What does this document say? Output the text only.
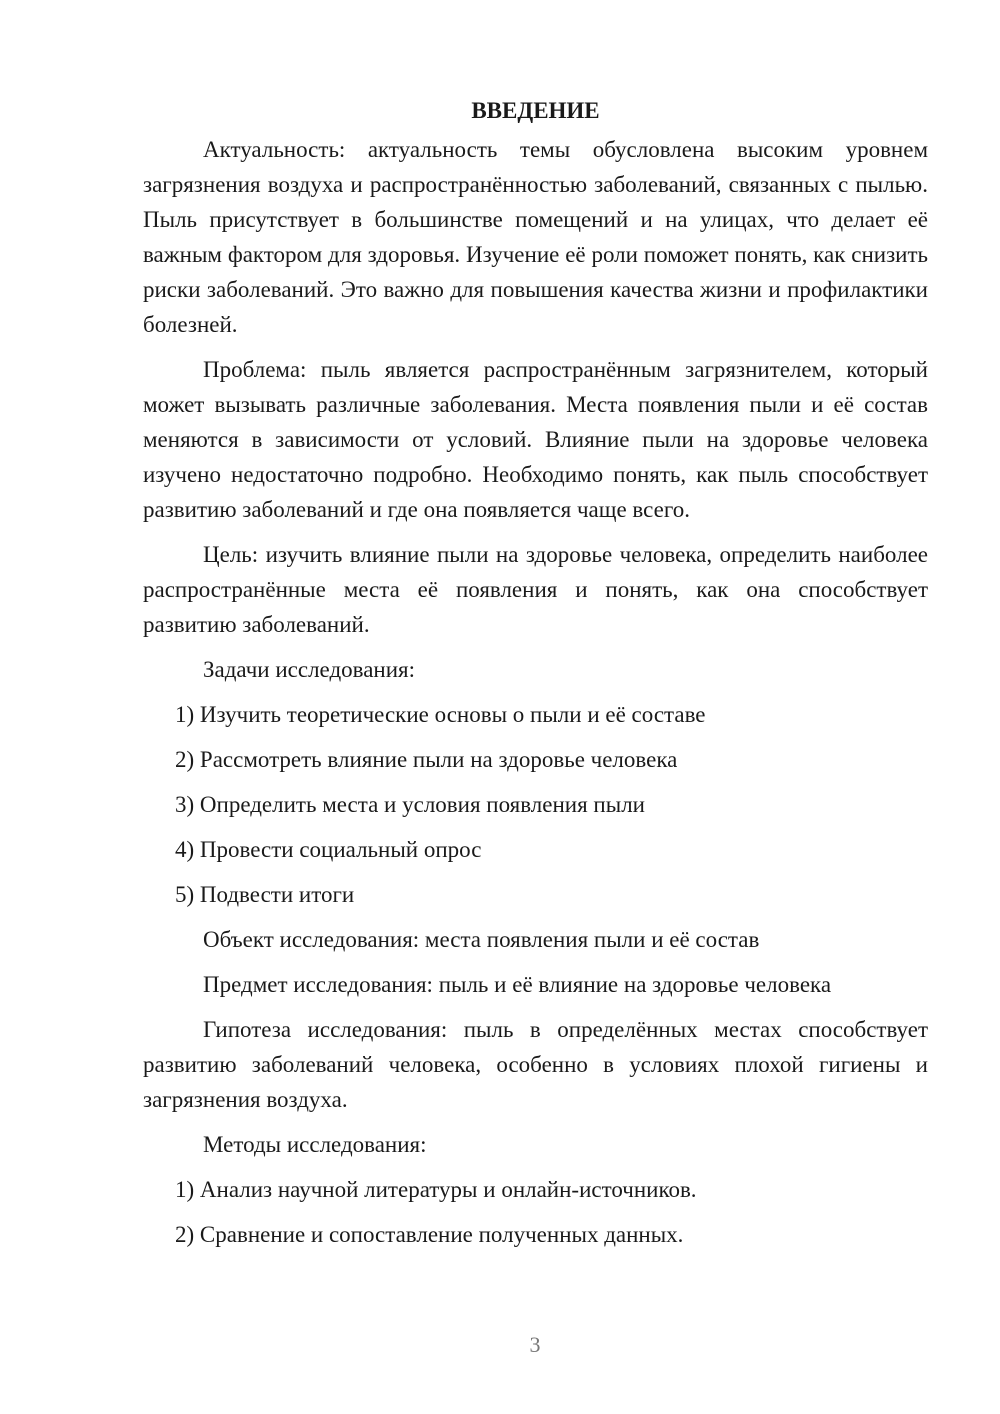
ВВЕДЕНИЕ

Актуальность: актуальность темы обусловлена высоким уровнем загрязнения воздуха и распространённостью заболеваний, связанных с пылью. Пыль присутствует в большинстве помещений и на улицах, что делает её важным фактором для здоровья. Изучение её роли поможет понять, как снизить риски заболеваний. Это важно для повышения качества жизни и профилактики болезней.

Проблема: пыль является распространённым загрязнителем, который может вызывать различные заболевания. Места появления пыли и её состав меняются в зависимости от условий. Влияние пыли на здоровье человека изучено недостаточно подробно. Необходимо понять, как пыль способствует развитию заболеваний и где она появляется чаще всего.

Цель: изучить влияние пыли на здоровье человека, определить наиболее распространённые места её появления и понять, как она способствует развитию заболеваний.

Задачи исследования:

1) Изучить теоретические основы о пыли и её составе

2) Рассмотреть влияние пыли на здоровье человека

3) Определить места и условия появления пыли

4) Провести социальный опрос

5) Подвести итоги

Объект исследования: места появления пыли и её состав

Предмет исследования: пыль и её влияние на здоровье человека

Гипотеза исследования: пыль в определённых местах способствует развитию заболеваний человека, особенно в условиях плохой гигиены и загрязнения воздуха.

Методы исследования:

1) Анализ научной литературы и онлайн-источников.

2) Сравнение и сопоставление полученных данных.

3
